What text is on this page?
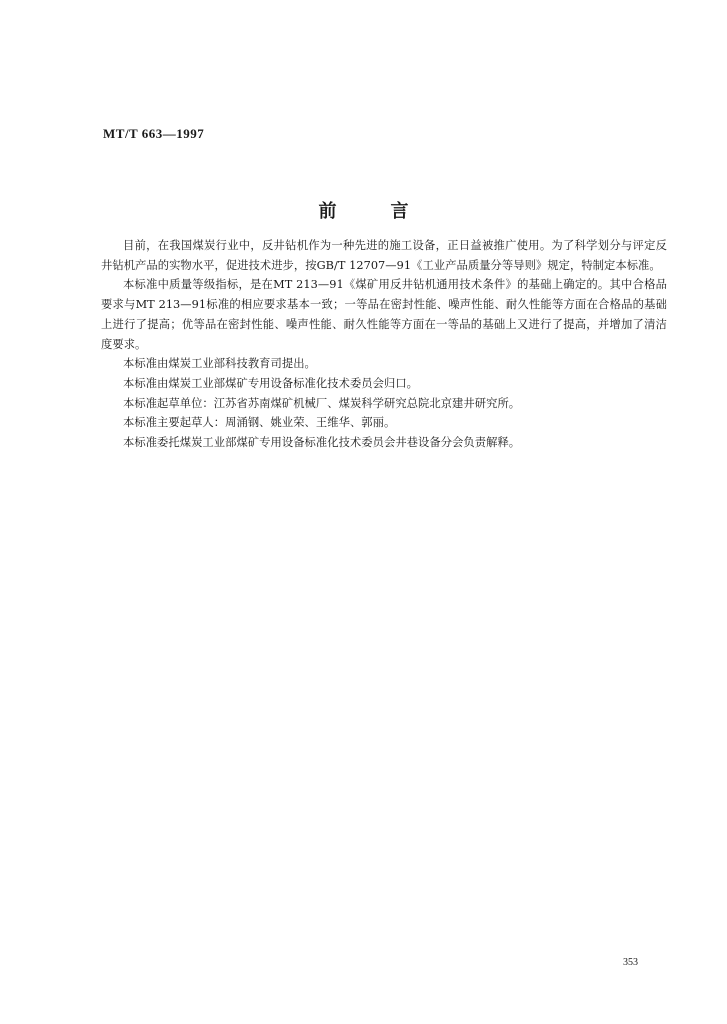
MT/T 663—1997
前	言

目前，在我国煤炭行业中，反井钻机作为一种先进的施工设备，正日益被推广使用。为了科学划分与评定反井钻机产品的实物水平，促进技术进步，按GB/T 12707—91《工业产品质量分等导则》规定，特制定本标准。

本标准中质量等级指标，是在MT 213—91《煤矿用反井钻机通用技术条件》的基础上确定的。其中合格品要求与MT 213—91标准的相应要求基本一致；一等品在密封性能、噪声性能、耐久性能等方面在合格品的基础上进行了提高；优等品在密封性能、噪声性能、耐久性能等方面在一等品的基础上又进行了提高，并增加了清洁度要求。

本标准由煤炭工业部科技教育司提出。

本标准由煤炭工业部煤矿专用设备标准化技术委员会归口。

本标准起草单位：江苏省苏南煤矿机械厂、煤炭科学研究总院北京建井研究所。

本标准主要起草人：周涌钢、姚业荣、王维华、郭丽。

本标准委托煤炭工业部煤矿专用设备标准化技术委员会井巷设备分会负责解释。

353
